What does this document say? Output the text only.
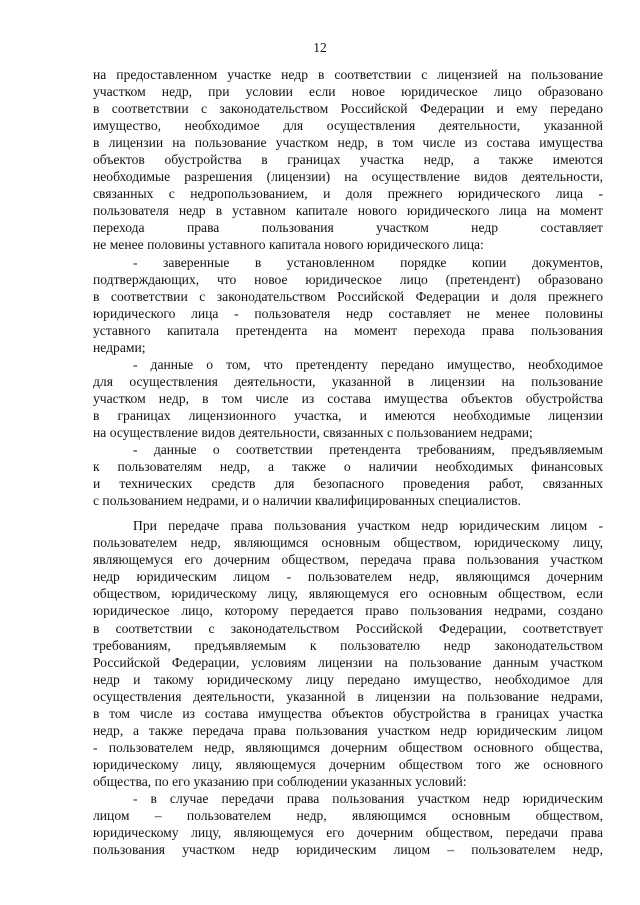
12
на предоставленном участке недр в соответствии с лицензией на пользование
участком недр, при условии если новое юридическое лицо образовано
в соответствии с законодательством Российской Федерации и ему передано
имущество, необходимое для осуществления деятельности, указанной
в лицензии на пользование участком недр, в том числе из состава имущества
объектов обустройства в границах участка недр, а также имеются
необходимые разрешения (лицензии) на осуществление видов деятельности,
связанных с недропользованием, и доля прежнего юридического лица -
пользователя недр в уставном капитале нового юридического лица на момент
перехода права пользования участком недр составляет
не менее половины уставного капитала нового юридического лица:
- заверенные в установленном порядке копии документов,
подтверждающих, что новое юридическое лицо (претендент) образовано
в соответствии с законодательством Российской Федерации и доля прежнего
юридического лица - пользователя недр составляет не менее половины
уставного капитала претендента на момент перехода права пользования
недрами;
- данные о том, что претенденту передано имущество, необходимое
для осуществления деятельности, указанной в лицензии на пользование
участком недр, в том числе из состава имущества объектов обустройства
в границах лицензионного участка, и имеются необходимые лицензии
на осуществление видов деятельности, связанных с пользованием недрами;
- данные о соответствии претендента требованиям, предъявляемым
к пользователям недр, а также о наличии необходимых финансовых
и технических средств для безопасного проведения работ, связанных
с пользованием недрами, и о наличии квалифицированных специалистов.
При передаче права пользования участком недр юридическим лицом -
пользователем недр, являющимся основным обществом, юридическому лицу,
являющемуся его дочерним обществом, передача права пользования участком
недр юридическим лицом - пользователем недр, являющимся дочерним
обществом, юридическому лицу, являющемуся его основным обществом, если
юридическое лицо, которому передается право пользования недрами, создано
в соответствии с законодательством Российской Федерации, соответствует
требованиям, предъявляемым к пользователю недр законодательством
Российской Федерации, условиям лицензии на пользование данным участком
недр и такому юридическому лицу передано имущество, необходимое для
осуществления деятельности, указанной в лицензии на пользование недрами,
в том числе из состава имущества объектов обустройства в границах участка
недр, а также передача права пользования участком недр юридическим лицом
- пользователем недр, являющимся дочерним обществом основного общества,
юридическому лицу, являющемуся дочерним обществом того же основного
общества, по его указанию при соблюдении указанных условий:
- в случае передачи права пользования участком недр юридическим
лицом – пользователем недр, являющимся основным обществом,
юридическому лицу, являющемуся его дочерним обществом, передачи права
пользования участком недр юридическим лицом – пользователем недр,
